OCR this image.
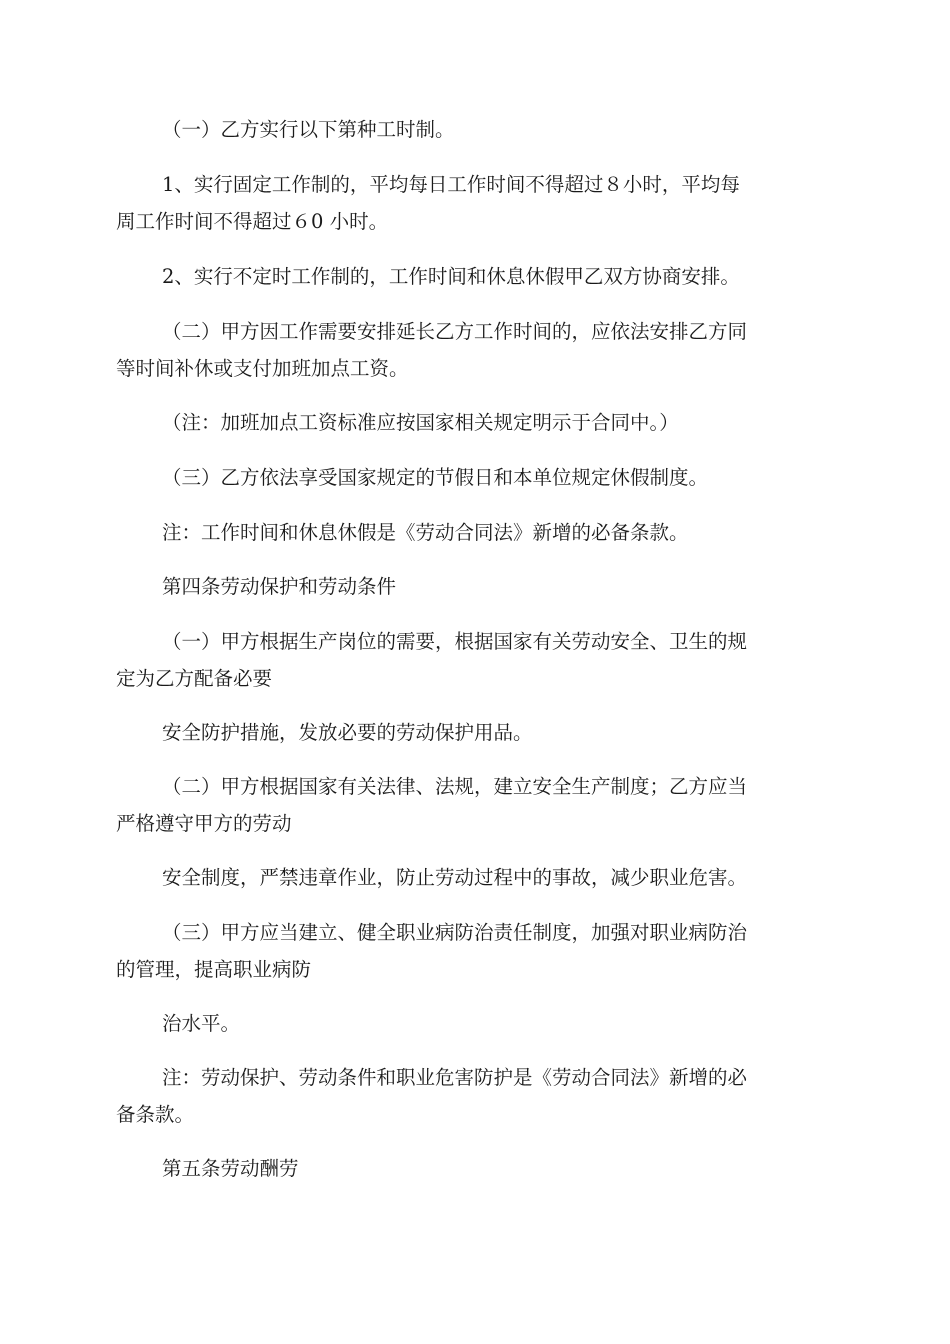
（一）乙方实行以下第种工时制。

1、实行固定工作制的，平均每日工作时间不得超过８小时，平均每
周工作时间不得超过６0 小时。

2、实行不定时工作制的，工作时间和休息休假甲乙双方协商安排。

（二）甲方因工作需要安排延长乙方工作时间的，应依法安排乙方同
等时间补休或支付加班加点工资。

（注：加班加点工资标准应按国家相关规定明示于合同中。）

（三）乙方依法享受国家规定的节假日和本单位规定休假制度。

注：工作时间和休息休假是《劳动合同法》新增的必备条款。

第四条劳动保护和劳动条件

（一）甲方根据生产岗位的需要，根据国家有关劳动安全、卫生的规
定为乙方配备必要

安全防护措施，发放必要的劳动保护用品。

（二）甲方根据国家有关法律、法规，建立安全生产制度；乙方应当
严格遵守甲方的劳动

安全制度，严禁违章作业，防止劳动过程中的事故，减少职业危害。

（三）甲方应当建立、健全职业病防治责任制度，加强对职业病防治
的管理，提高职业病防

治水平。

注：劳动保护、劳动条件和职业危害防护是《劳动合同法》新增的必
备条款。

第五条劳动酬劳
